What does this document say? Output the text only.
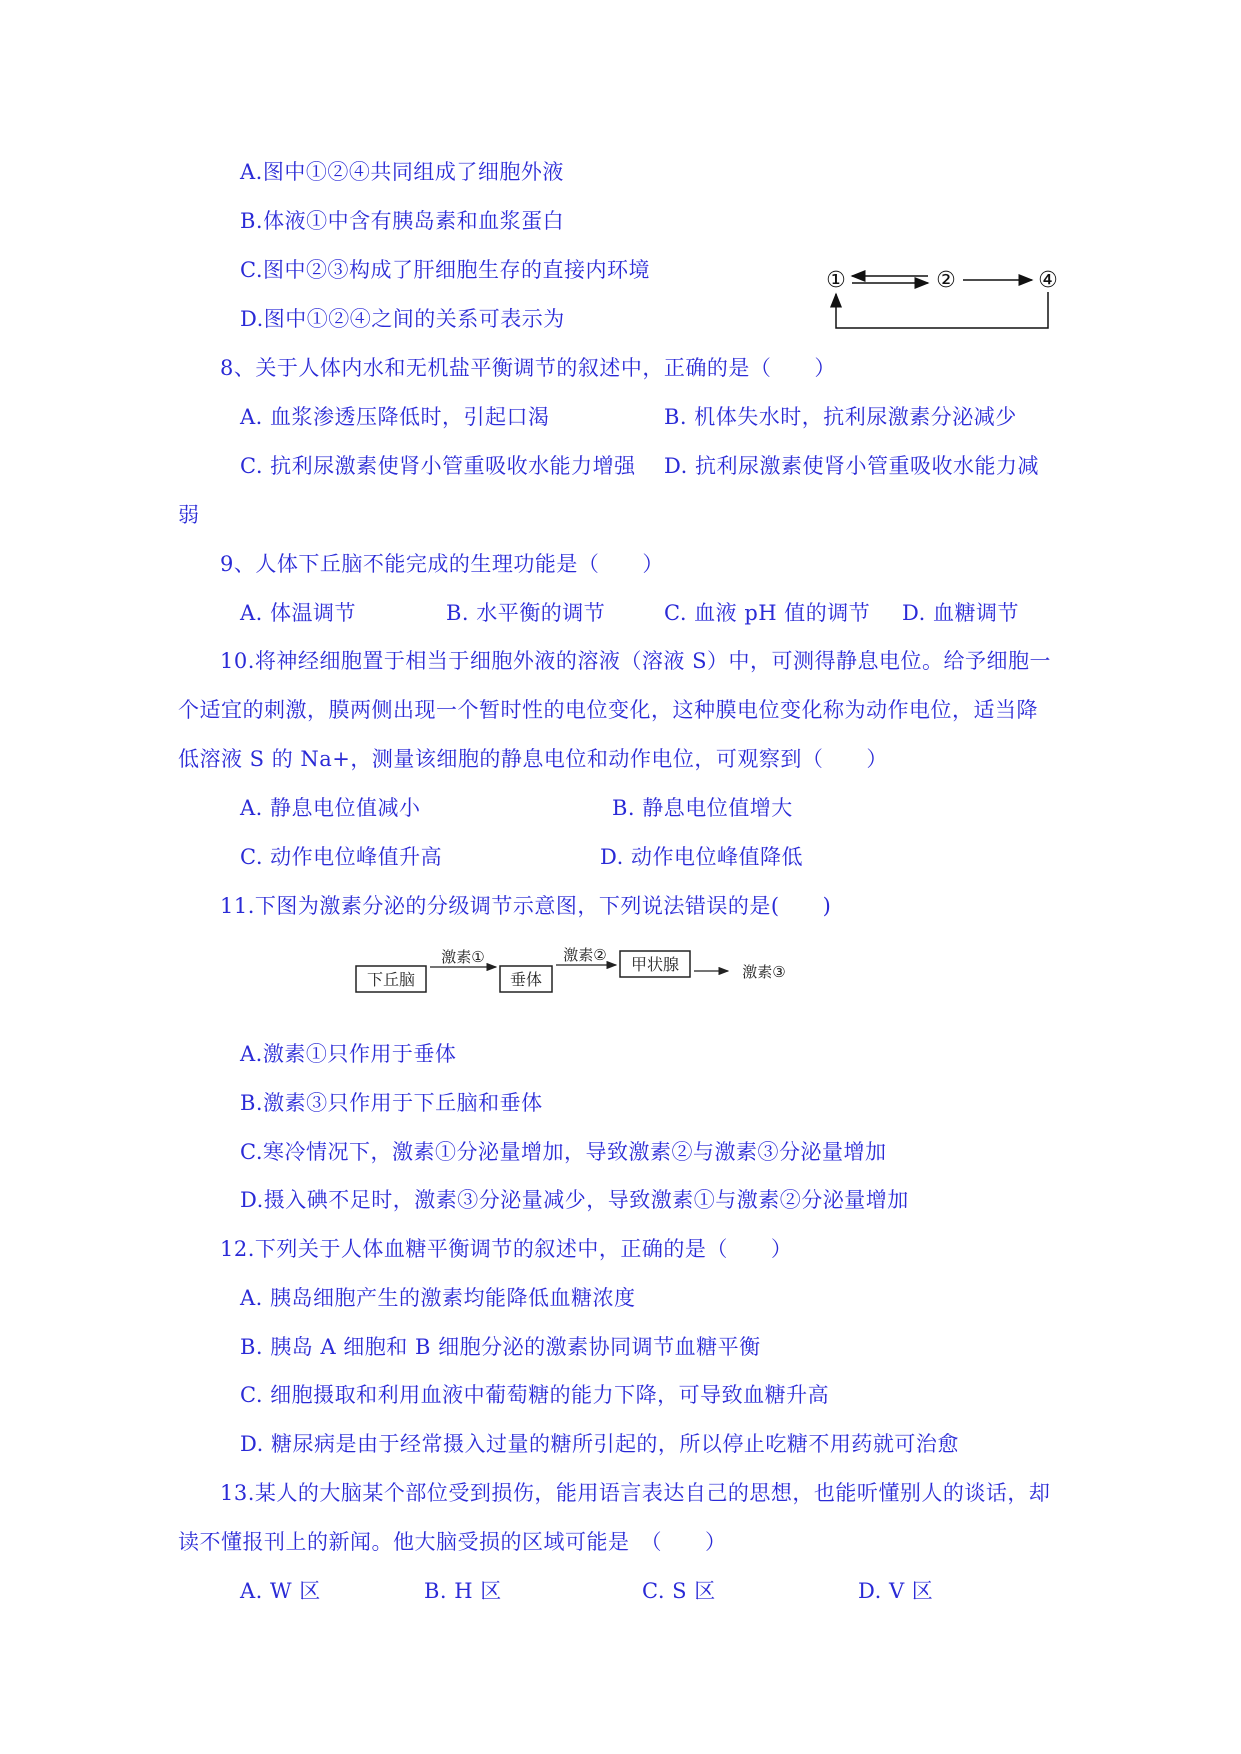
A.图中①②④共同组成了细胞外液
B.体液①中含有胰岛素和血浆蛋白
C.图中②③构成了肝细胞生存的直接内环境
D.图中①②④之间的关系可表示为
①	②	④
8、关于人体内水和无机盐平衡调节的叙述中，正确的是（　　）
A. 血浆渗透压降低时，引起口渴	B. 机体失水时，抗利尿激素分泌减少
C. 抗利尿激素使肾小管重吸收水能力增强 D. 抗利尿激素使肾小管重吸收水能力减
弱
9、人体下丘脑不能完成的生理功能是（　　）
A. 体温调节	B. 水平衡的调节	C. 血液 pH 值的调节 D. 血糖调节
10.将神经细胞置于相当于细胞外液的溶液（溶液 S）中，可测得静息电位。给予细胞一
个适宜的刺激，膜两侧出现一个暂时性的电位变化，这种膜电位变化称为动作电位，适当降
低溶液 S 的 Na+，测量该细胞的静息电位和动作电位，可观察到（　　）
A. 静息电位值减小	B. 静息电位值增大
C. 动作电位峰值升高	D. 动作电位峰值降低
11.下图为激素分泌的分级调节示意图，下列说法错误的是(　　)
下丘脑
激素①
垂体
激素② 甲状腺	激素③
A.激素①只作用于垂体
B.激素③只作用于下丘脑和垂体
C.寒冷情况下，激素①分泌量增加，导致激素②与激素③分泌量增加
D.摄入碘不足时，激素③分泌量减少，导致激素①与激素②分泌量增加
12.下列关于人体血糖平衡调节的叙述中，正确的是（　　）
A. 胰岛细胞产生的激素均能降低血糖浓度
B. 胰岛 A 细胞和 B 细胞分泌的激素协同调节血糖平衡
C. 细胞摄取和利用血液中葡萄糖的能力下降，可导致血糖升高
D. 糖尿病是由于经常摄入过量的糖所引起的，所以停止吃糖不用药就可治愈
13.某人的大脑某个部位受到损伤，能用语言表达自己的思想，也能听懂别人的谈话，却
读不懂报刊上的新闻。他大脑受损的区域可能是　（　　）
A. W 区	B. H 区	C. S 区	D. V 区
